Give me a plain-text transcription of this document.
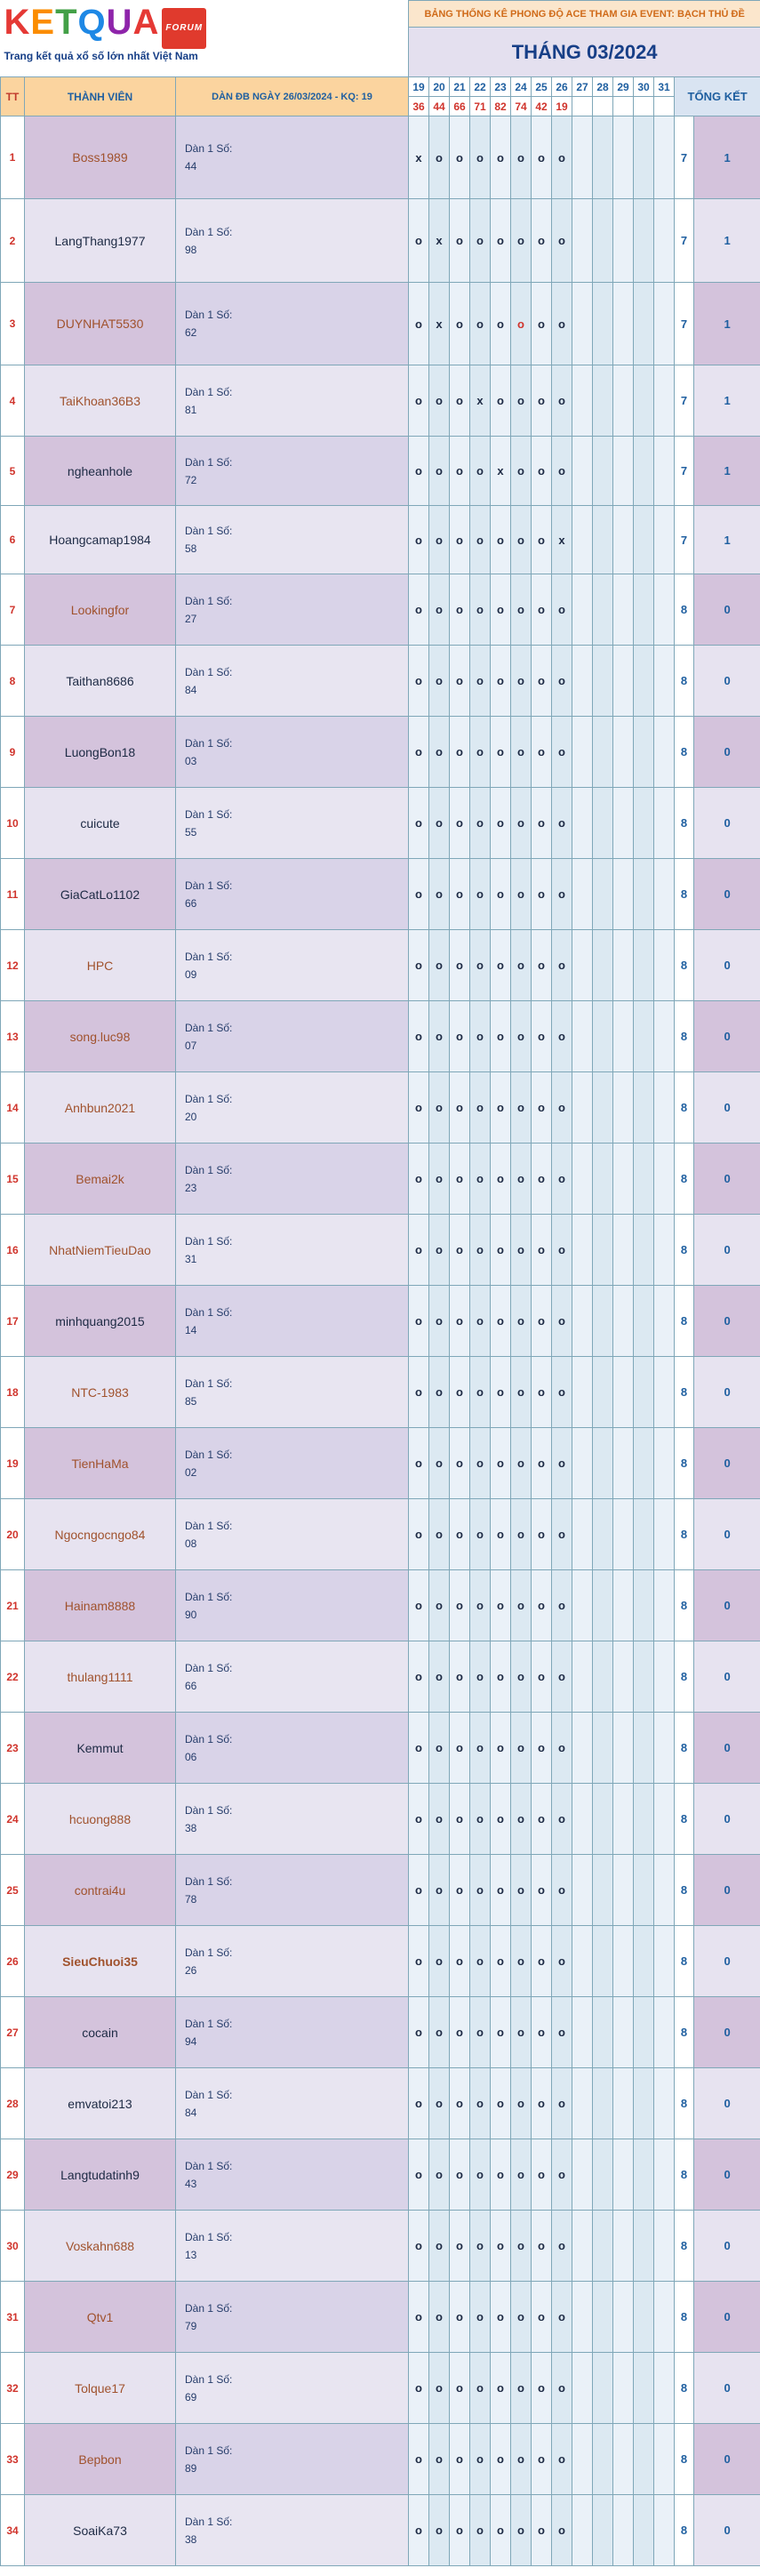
KETQUA FORUM
Trang kết quả xổ số lớn nhất Việt Nam			BẢNG THỐNG KÊ PHONG ĐỘ ACE THAM GIA EVENT: BẠCH THỦ ĐỀ														
			THÁNG 03/2024														
TT	THÀNH VIÊN	DÀN ĐB NGÀY 26/03/2024 - KQ: 19	19	20	21	22	23	24	25	26	27	28	29	30	31	TỔNG KẾT	
			36	44	66	71	82	74	42	19							
1	Boss1989	Dàn 1 Số:
44	x	o	o	o	o	o	o	o						7	1
2	LangThang1977	Dàn 1 Số:
98	o	x	o	o	o	o	o	o						7	1
3	DUYNHAT5530	Dàn 1 Số:
62	o	x	o	o	o	o	o	o						7	1
4	TaiKhoan36B3	Dàn 1 Số:
81	o	o	o	x	o	o	o	o						7	1
5	ngheanhole	Dàn 1 Số:
72	o	o	o	o	x	o	o	o						7	1
6	Hoangcamap1984	Dàn 1 Số:
58	o	o	o	o	o	o	o	x						7	1
7	Lookingfor	Dàn 1 Số:
27	o	o	o	o	o	o	o	o						8	0
8	Taithan8686	Dàn 1 Số:
84	o	o	o	o	o	o	o	o						8	0
9	LuongBon18	Dàn 1 Số:
03	o	o	o	o	o	o	o	o						8	0
10	cuicute	Dàn 1 Số:
55	o	o	o	o	o	o	o	o						8	0
11	GiaCatLo1102	Dàn 1 Số:
66	o	o	o	o	o	o	o	o						8	0
12	HPC	Dàn 1 Số:
09	o	o	o	o	o	o	o	o						8	0
13	song.luc98	Dàn 1 Số:
07	o	o	o	o	o	o	o	o						8	0
14	Anhbun2021	Dàn 1 Số:
20	o	o	o	o	o	o	o	o						8	0
15	Bemai2k	Dàn 1 Số:
23	o	o	o	o	o	o	o	o						8	0
16	NhatNiemTieuDao	Dàn 1 Số:
31	o	o	o	o	o	o	o	o						8	0
17	minhquang2015	Dàn 1 Số:
14	o	o	o	o	o	o	o	o						8	0
18	NTC-1983	Dàn 1 Số:
85	o	o	o	o	o	o	o	o						8	0
19	TienHaMa	Dàn 1 Số:
02	o	o	o	o	o	o	o	o						8	0
20	Ngocngocngo84	Dàn 1 Số:
08	o	o	o	o	o	o	o	o						8	0
21	Hainam8888	Dàn 1 Số:
90	o	o	o	o	o	o	o	o						8	0
22	thulang1111	Dàn 1 Số:
66	o	o	o	o	o	o	o	o						8	0
23	Kemmut	Dàn 1 Số:
06	o	o	o	o	o	o	o	o						8	0
24	hcuong888	Dàn 1 Số:
38	o	o	o	o	o	o	o	o						8	0
25	contrai4u	Dàn 1 Số:
78	o	o	o	o	o	o	o	o						8	0
26	SieuChuoi35	Dàn 1 Số:
26	o	o	o	o	o	o	o	o						8	0
27	cocain	Dàn 1 Số:
94	o	o	o	o	o	o	o	o						8	0
28	emvatoi213	Dàn 1 Số:
84	o	o	o	o	o	o	o	o						8	0
29	Langtudatinh9	Dàn 1 Số:
43	o	o	o	o	o	o	o	o						8	0
30	Voskahn688	Dàn 1 Số:
13	o	o	o	o	o	o	o	o						8	0
31	Qtv1	Dàn 1 Số:
79	o	o	o	o	o	o	o	o						8	0
32	Tolque17	Dàn 1 Số:
69	o	o	o	o	o	o	o	o						8	0
33	Bepbon	Dàn 1 Số:
89	o	o	o	o	o	o	o	o						8	0
34	SoaiKa73	Dàn 1 Số:
38	o	o	o	o	o	o	o	o						8	0
